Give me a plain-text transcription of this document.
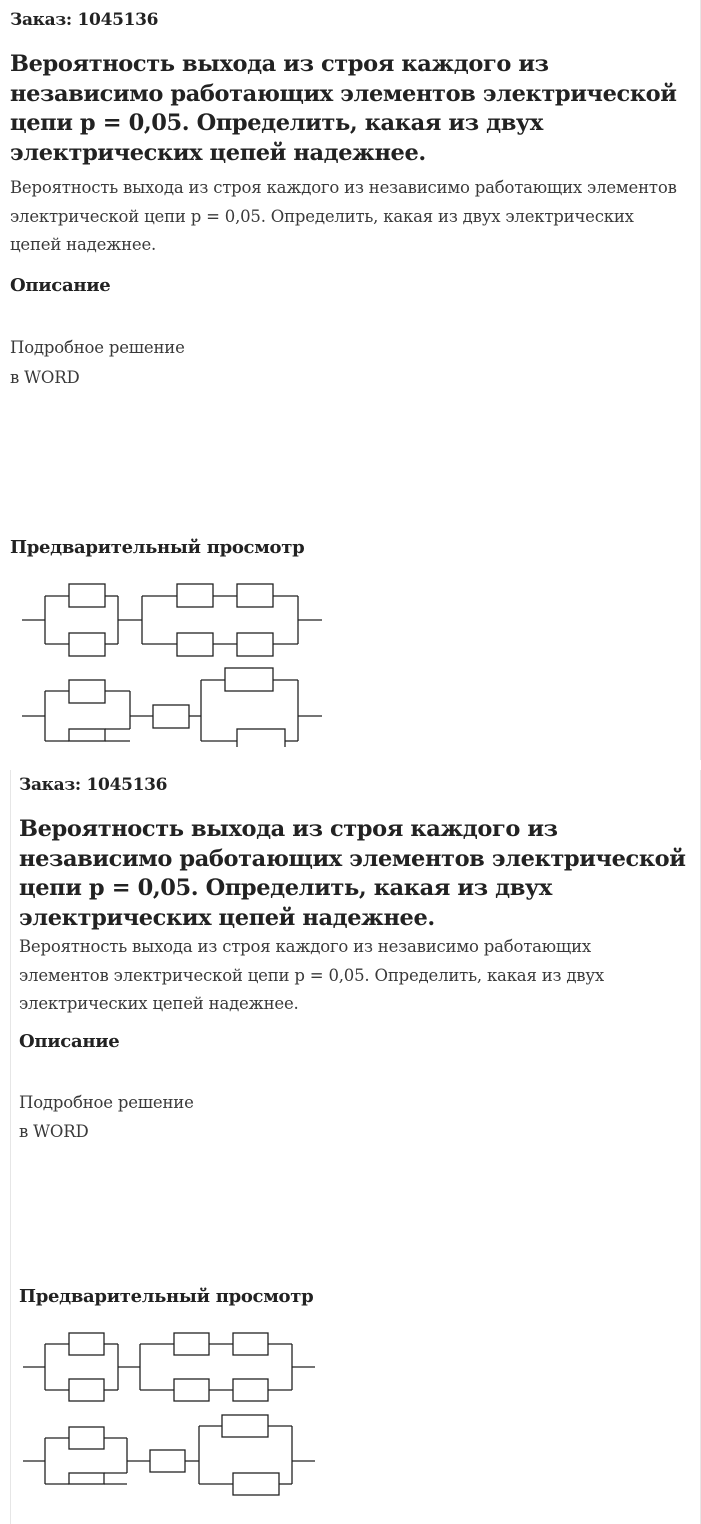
Заказ: 1045136
Вероятность выхода из строя каждого из независимо работающих элементов электрической цепи р = 0,05. Определить, какая из двух электрических цепей надежнее.

Вероятность выхода из строя каждого из независимо работающих элементов электрической цепи р = 0,05. Определить, какая из двух электрических цепей надежнее.

Описание

Подробное решение

в WORD

Предварительный просмотр
Заказ: 1045136
Вероятность выхода из строя каждого из независимо работающих элементов электрической цепи р = 0,05. Определить, какая из двух электрических цепей надежнее.

Вероятность выхода из строя каждого из независимо работающих элементов электрической цепи р = 0,05. Определить, какая из двух электрических цепей надежнее.

Описание

Подробное решение

в WORD

Предварительный просмотр
